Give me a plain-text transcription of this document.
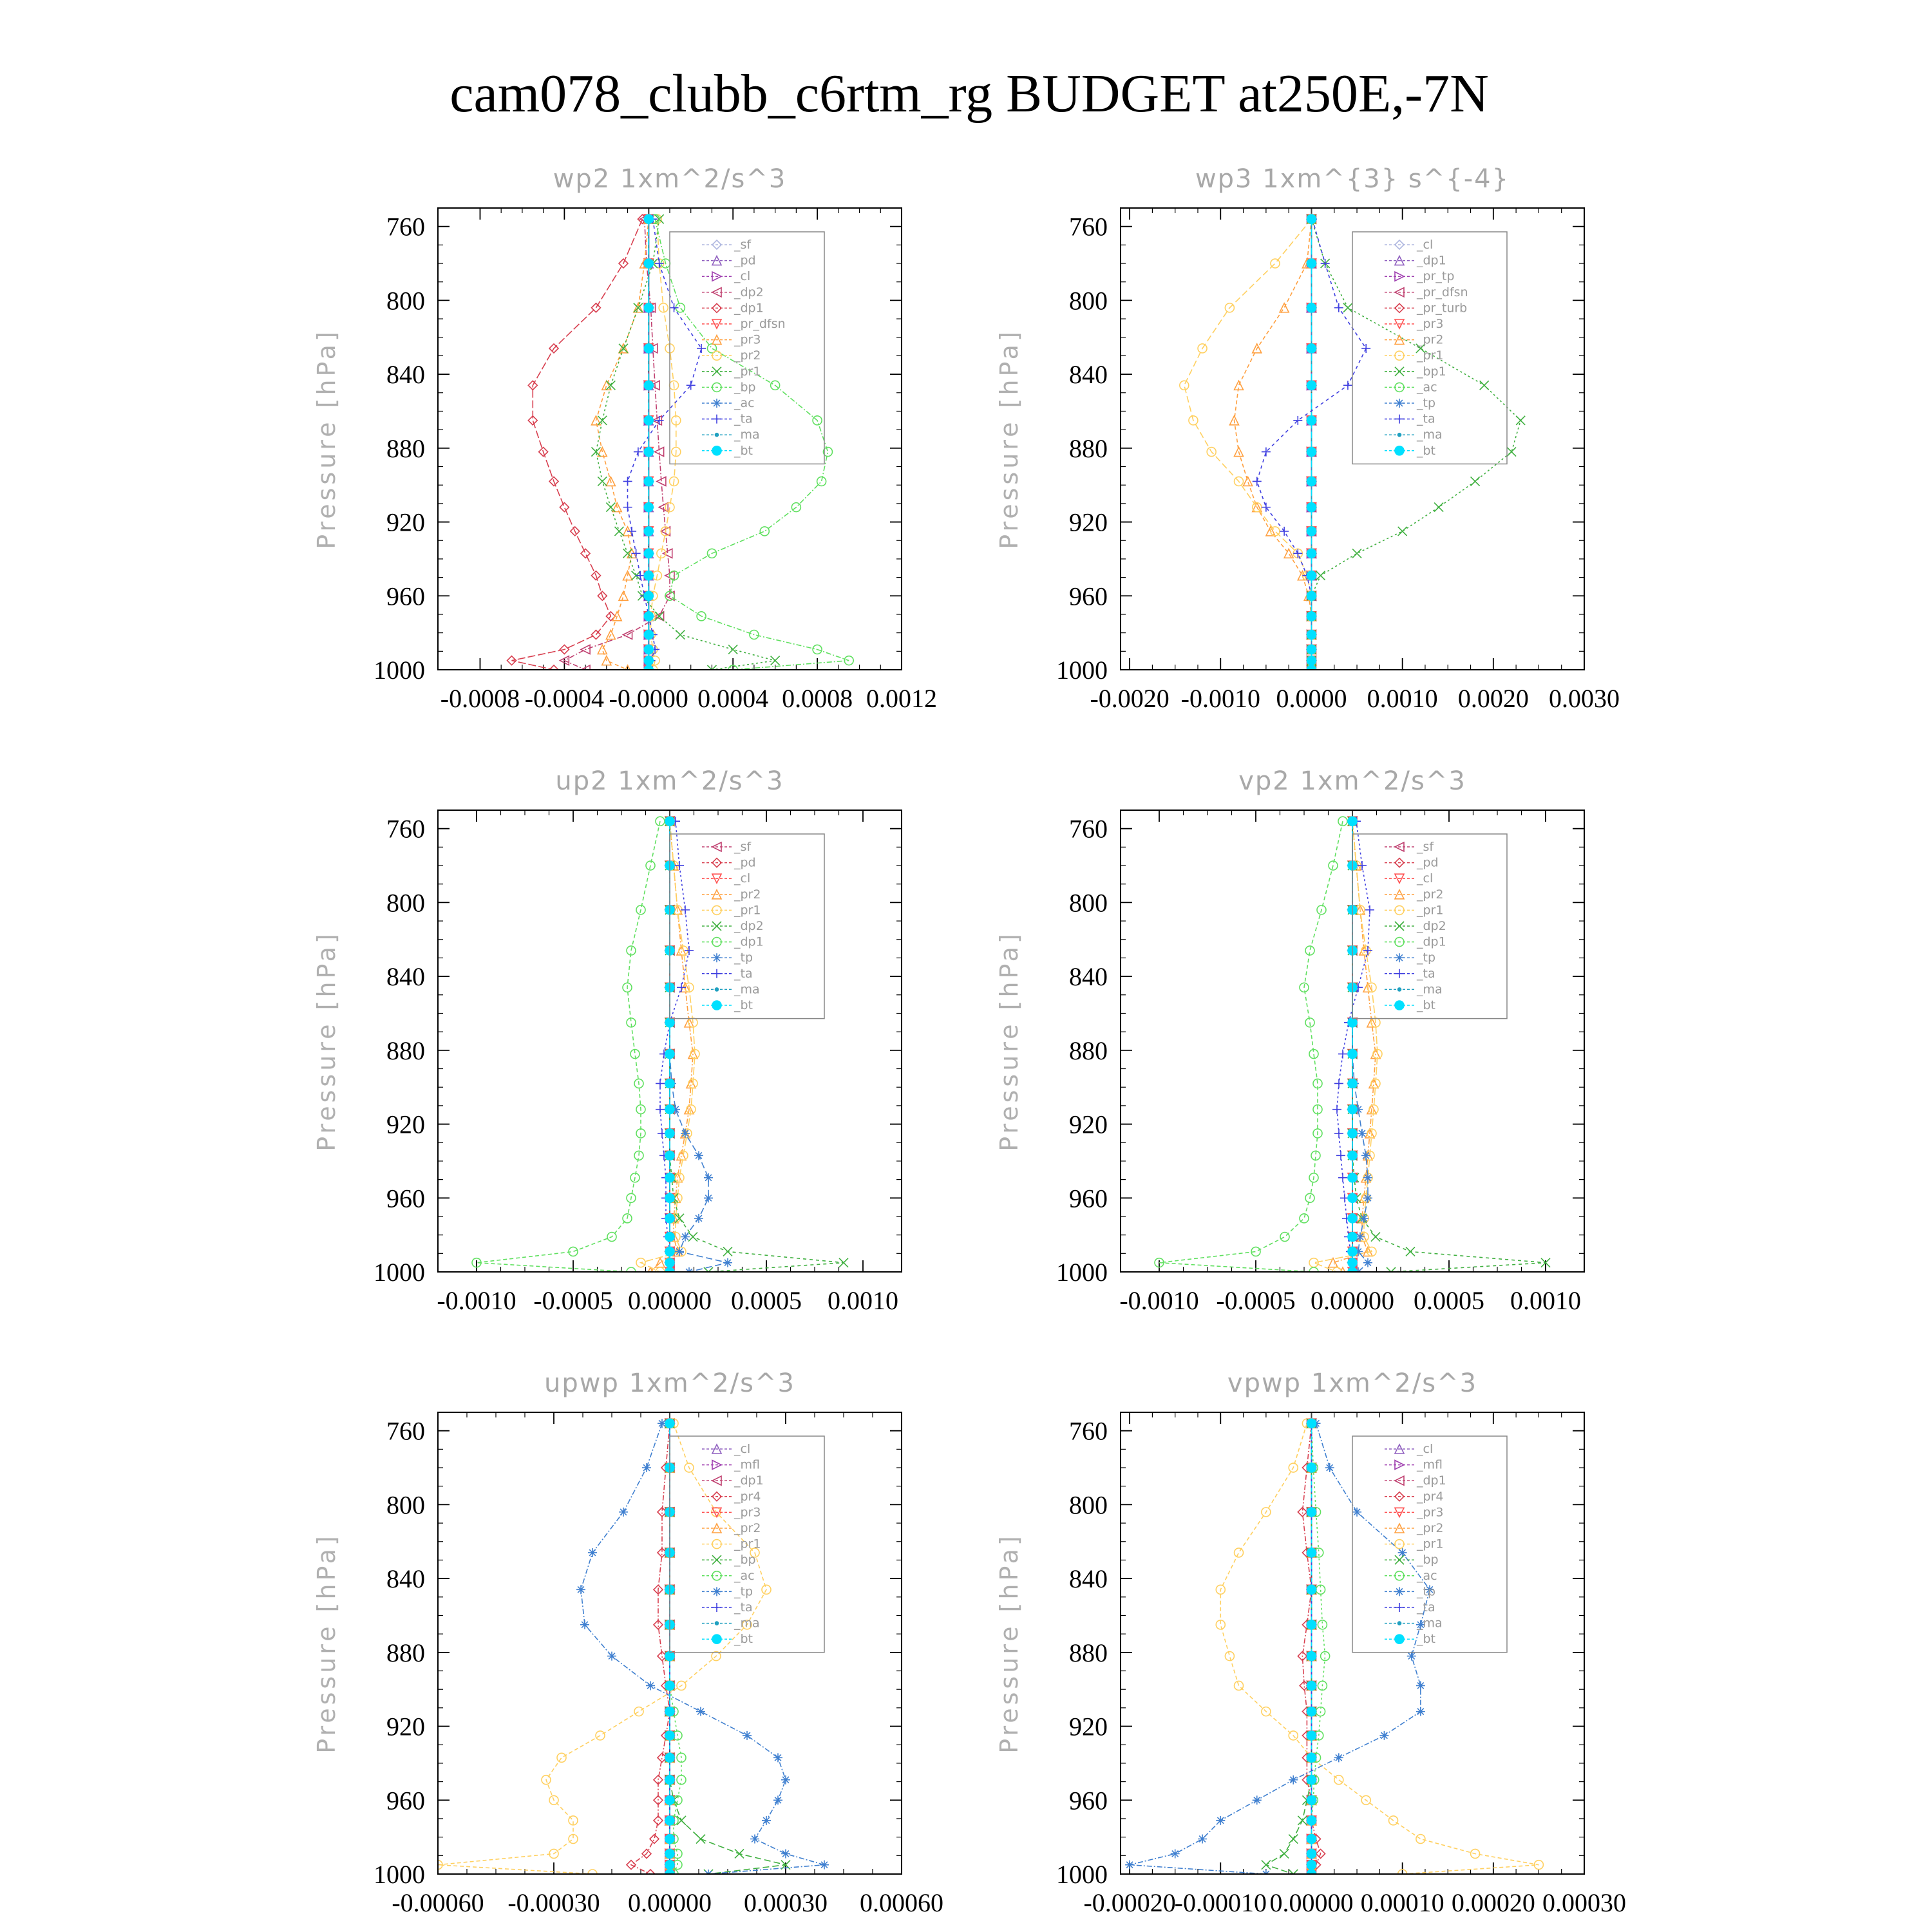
cam078_clubb_c6rtm_rg BUDGET at250E,-7N
wp2 1xm^2/s^3
Pressure [hPa]
760
800
840
880
920
960
1000
-0.0008 -0.0004 -0.0000 0.0004 0.0008 0.0012
_sf
_pd
_cl
_dp2
_dp1
_pr_dfsn
_pr3
_pr2
_pr1
_bp
_ac
_ta
_ma
_bt
wp3 1xm^{3} s^{-4}
Pressure [hPa]
760
800
840
880
920
960
1000
-0.0020 -0.0010 0.0000 0.0010 0.0020 0.0030
_cl
_dp1
_pr_tp
_pr_dfsn
_pr_turb
_pr3
_pr2
_pr1
_bp1
_ac
_tp
_ta
_ma
_bt
up2 1xm^2/s^3
Pressure [hPa]
760
800
840
880
920
960
1000
-0.0010 -0.0005 0.00000 0.0005 0.0010
_sf
_pd
_cl
_pr2
_pr1
_dp2
_dp1
_tp
_ta
_ma
_bt
vp2 1xm^2/s^3
Pressure [hPa]
760
800
840
880
920
960
1000
-0.0010 -0.0005 0.00000 0.0005 0.0010
_sf
_pd
_cl
_pr2
_pr1
_dp2
_dp1
_tp
_ta
_ma
_bt
upwp 1xm^2/s^3
Pressure [hPa]
760
800
840
880
920
960
1000
-0.00060 -0.00030 0.00000 0.00030 0.00060
_cl
_mfl
_dp1
_pr4
_pr3
_pr2
_pr1
_bp
_ac
_tp
_ta
_ma
_bt
vpwp 1xm^2/s^3
Pressure [hPa]
760
800
840
880
920
960
1000
-0.00020
-0.00010 0.00000 0.00010 0.00020 0.00030
_cl
_mfl
_dp1
_pr4
_pr3
_pr2
_pr1
_bp
_ac
_tp
_ta
_ma
_bt
